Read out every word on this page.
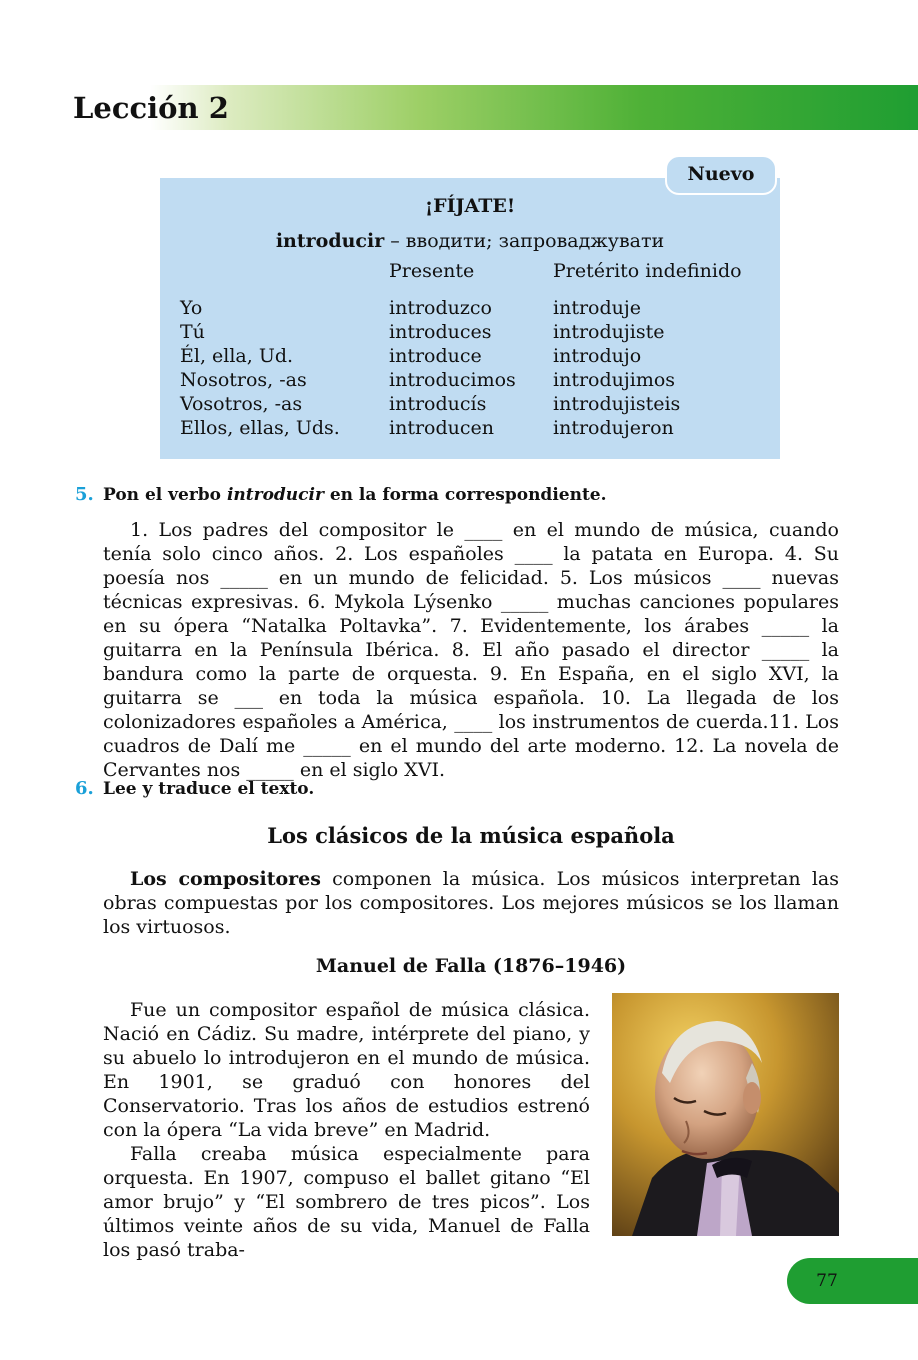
Lección 2
Nuevo
¡FÍJATE!
introducir – вводити; запроваджувати
Presente	Pretérito indefinido
Yo
Tú
Él, ella, Ud.
Nosotros, -as
Vosotros, -as
Ellos, ellas, Uds.
introduzco
introduces
introduce
introducimos
introducís
introducen
introduje
introdujiste
introdujo
introdujimos
introdujisteis
introdujeron
5. Pon el verbo introducir en la forma correspondiente.

1. Los padres del compositor le ____ en el mundo de música, cuando tenía solo cinco años. 2. Los españoles ____ la patata en Europa. 4. Su poesía nos _____ en un mundo de felicidad. 5. Los músicos ____ nuevas técnicas expresivas. 6. Mykola Lýsenko _____ muchas canciones populares en su ópera “Natalka Poltavka”. 7. Evidentemente, los árabes _____ la guitarra en la Península Ibérica. 8. El año pasado el director _____ la bandura como la parte de orquesta. 9. En España, en el siglo XVI, la guitarra se ___ en toda la música española. 10. La llegada de los colonizadores españoles a América, ____ los instrumentos de cuerda.11. Los cuadros de Dalí me _____ en el mundo del arte moderno. 12. La novela de Cervantes nos _____ en el siglo XVI.

6. Lee y traduce el texto.
Los clásicos de la música española

Los compositores componen la música. Los músicos interpretan las obras compuestas por los compositores. Los mejores músicos se los llaman los virtuosos.

Manuel de Falla (1876–1946)

Fue un compositor español de música clásica. Nació en Cádiz. Su madre, intérprete del piano, y su abuelo lo introdujeron en el mundo de música. En 1901, se graduó con honores del Conservatorio. Tras los años de estudios estrenó con la ópera “La vida breve” en Madrid.

Falla creaba música especialmente para orquesta. En 1907, compuso el ballet gitano “El amor brujo” y “El sombrero de tres picos”. Los últimos veinte años de su vida, Manuel de Falla los pasó traba-

77
